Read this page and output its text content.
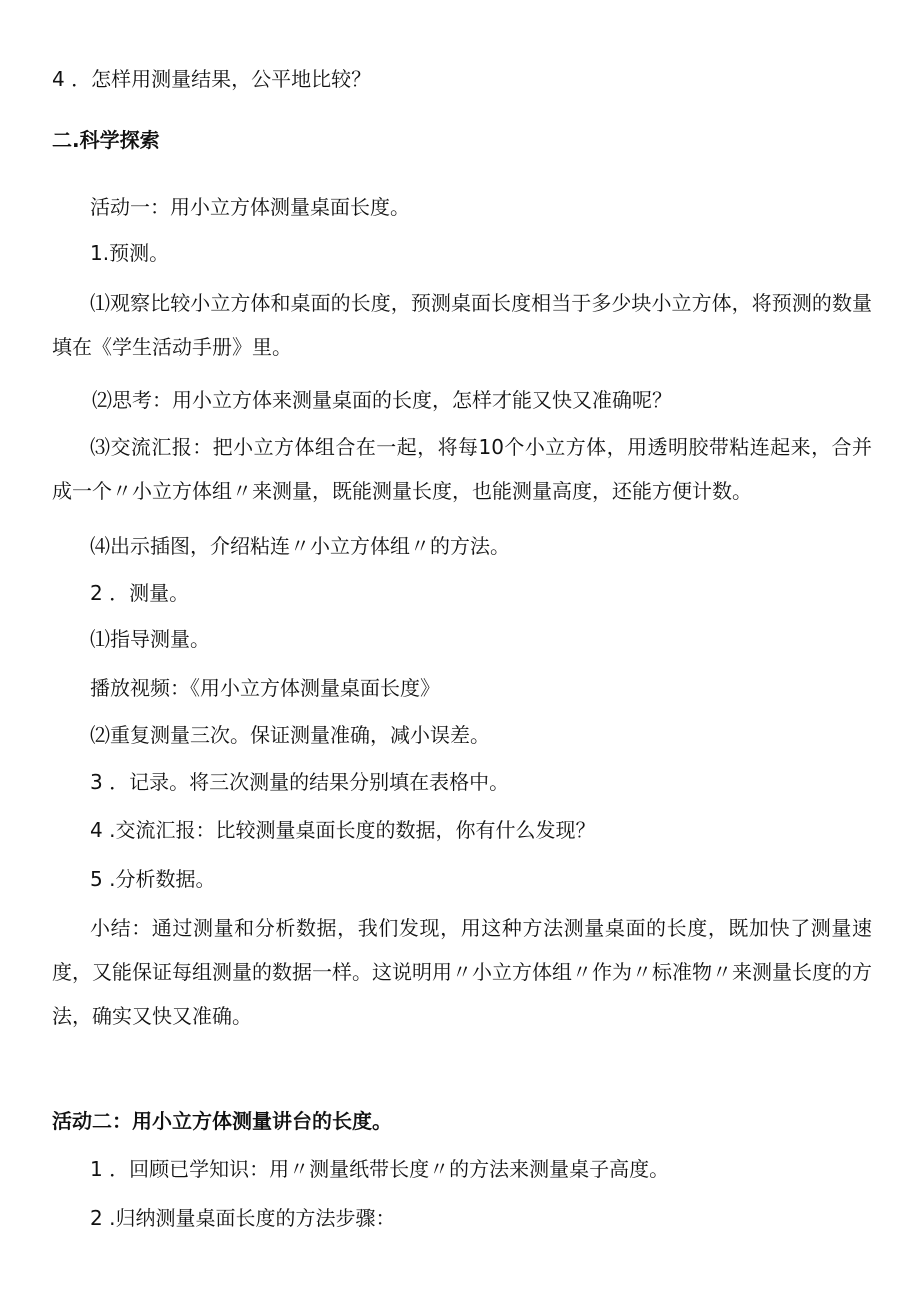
4 ．怎样用测量结果，公平地比较？
二.科学探索
活动一：用小立方体测量桌面长度。
1.预测。
⑴观察比较小立方体和桌面的长度，预测桌面长度相当于多少块小立方体，将预测的数量填在《学生活动手册》里。
⑵思考：用小立方体来测量桌面的长度，怎样才能又快又准确呢？
⑶交流汇报：把小立方体组合在一起，将每10个小立方体，用透明胶带粘连起来，合并成一个〃小立方体组〃来测量，既能测量长度，也能测量高度，还能方便计数。
⑷出示插图，介绍粘连〃小立方体组〃的方法。
2 ．测量。
⑴指导测量。
播放视频：《用小立方体测量桌面长度》
⑵重复测量三次。保证测量准确，减小误差。
3 ．记录。将三次测量的结果分别填在表格中。
4 .交流汇报：比较测量桌面长度的数据，你有什么发现？
5 .分析数据。
小结：通过测量和分析数据，我们发现，用这种方法测量桌面的长度，既加快了测量速度，又能保证每组测量的数据一样。这说明用〃小立方体组〃作为〃标准物〃来测量长度的方法，确实又快又准确。
活动二：用小立方体测量讲台的长度。
1 ．回顾已学知识：用〃测量纸带长度〃的方法来测量桌子高度。
2 .归纳测量桌面长度的方法步骤：
